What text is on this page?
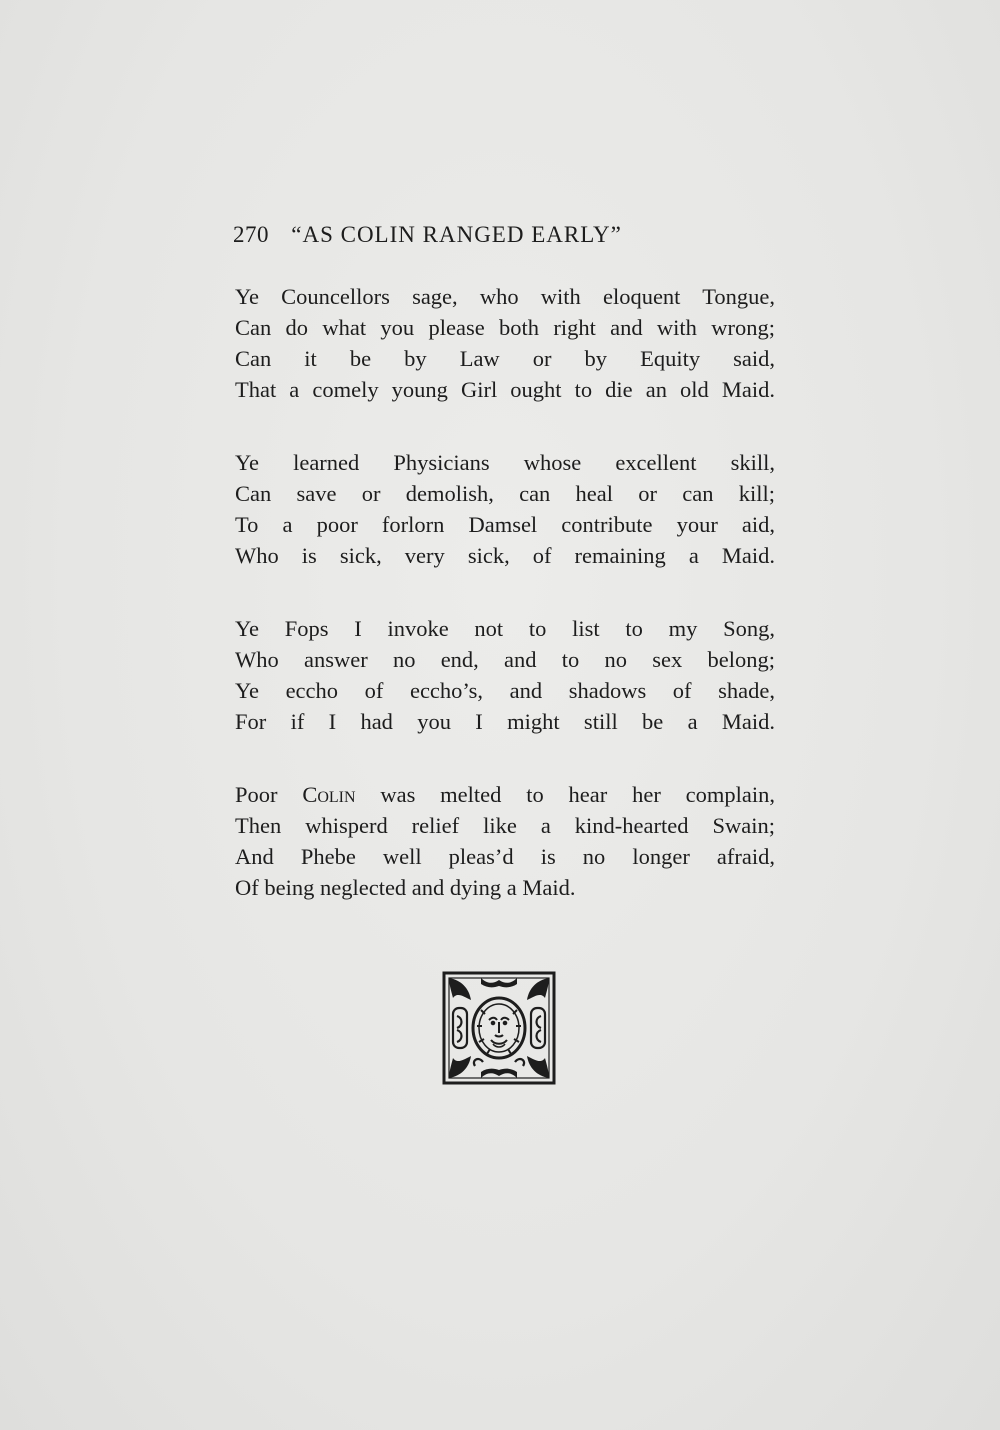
270 “AS COLIN RANGED EARLY”
Ye Councellors sage, who with eloquent Tongue,
Can do what you please both right and with wrong;
Can it be by Law or by Equity said,
That a comely young Girl ought to die an old Maid.
Ye learned Physicians whose excellent skill,
Can save or demolish, can heal or can kill;
To a poor forlorn Damsel contribute your aid,
Who is sick, very sick, of remaining a Maid.
Ye Fops I invoke not to list to my Song,
Who answer no end, and to no sex belong;
Ye eccho of eccho’s, and shadows of shade,
For if I had you I might still be a Maid.
Poor Colin was melted to hear her complain,
Then whisperd relief like a kind-hearted Swain;
And Phebe well pleas’d is no longer afraid,
Of being neglected and dying a Maid.
